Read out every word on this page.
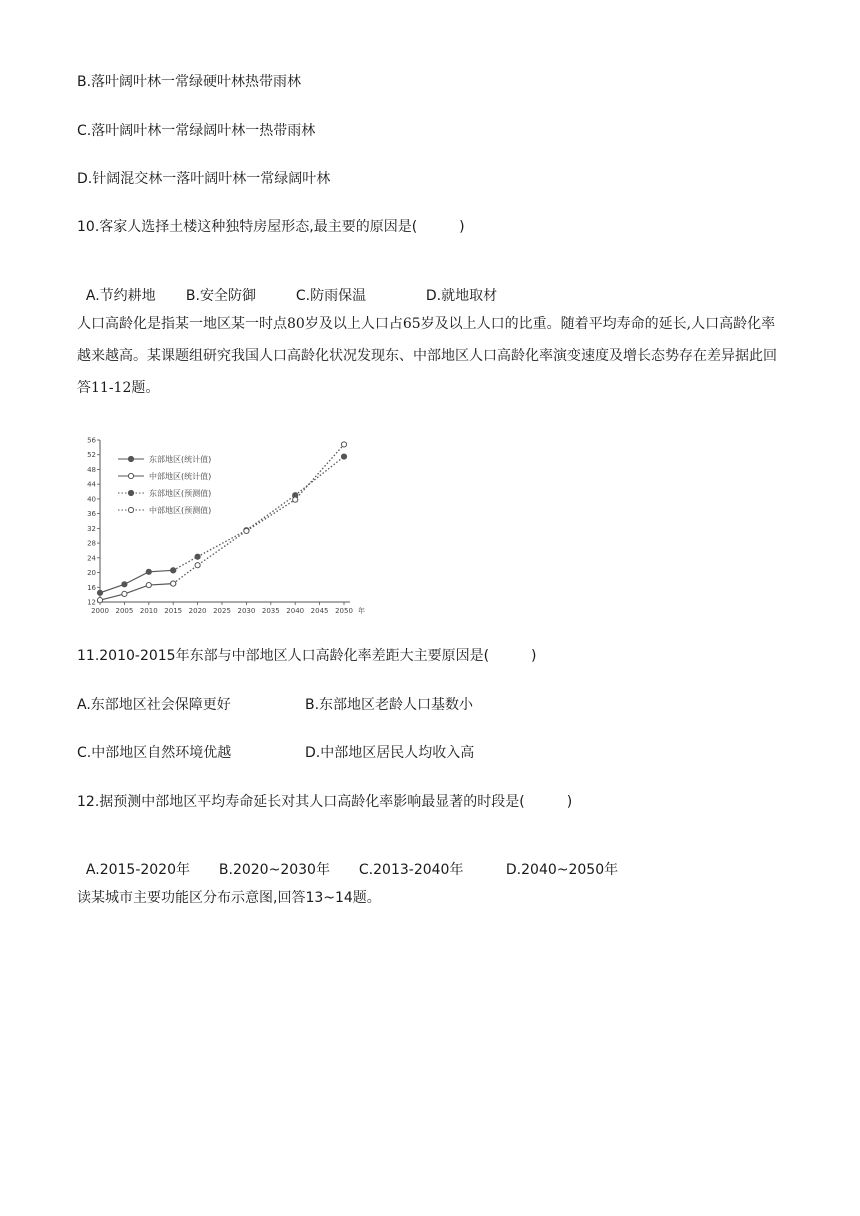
B.落叶阔叶林一常绿硬叶林热带雨林
C.落叶阔叶林一常绿阔叶林一热带雨林
D.针阔混交林一落叶阔叶林一常绿阔叶林
10.客家人选择土楼这种独特房屋形态,最主要的原因是(　　　)

A.节约耕地 B.安全防御	C.防雨保温	D.就地取材

人口高龄化是指某一地区某一时点80岁及以上人口占65岁及以上人口的比重。随着平均寿命的延长,人口高龄化率越来越高。某课题组研究我国人口高龄化状况发现东、中部地区人口高龄化率演变速度及增长态势存在差异据此回答11-12题。
12
16
20
24
28
32
36
40
44
48
52
56
2000 2005 2010 2015 2020 2025 2030 2035 2040 2045 2050 年
东部地区(统计值)
中部地区(统计值)
东部地区(预测值)
中部地区(预测值)
11.2010-2015年东部与中部地区人口高龄化率差距大主要原因是(　　　)
A.东部地区社会保障更好	B.东部地区老龄人口基数小
C.中部地区自然环境优越	D.中部地区居民人均收入高
12.据预测中部地区平均寿命延长对其人口高龄化率影响最显著的时段是(　　　)

A.2015-2020年 B.2020~2030年 C.2013-2040年	D.2040~2050年

读某城市主要功能区分布示意图,回答13~14题。
